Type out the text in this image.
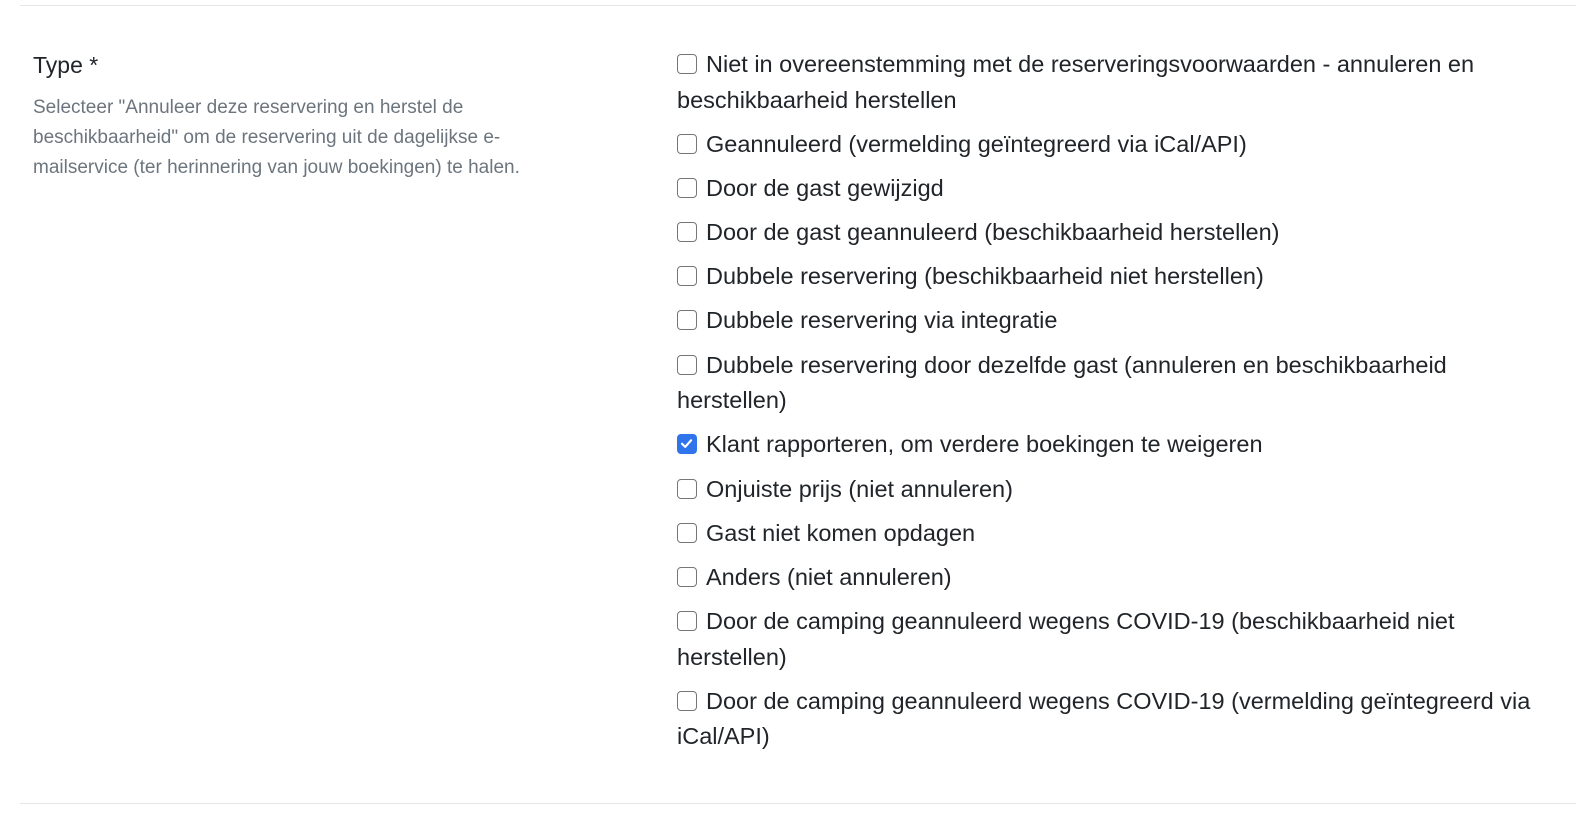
Type *
Selecteer "Annuleer deze reservering en herstel de beschikbaarheid" om de reservering uit de dagelijkse e-mailservice (ter herinnering van jouw boekingen) te halen.
Niet in overeenstemming met de reserveringsvoorwaarden - annuleren en beschikbaarheid herstellen
Geannuleerd (vermelding geïntegreerd via iCal/API)
Door de gast gewijzigd
Door de gast geannuleerd (beschikbaarheid herstellen)
Dubbele reservering (beschikbaarheid niet herstellen)
Dubbele reservering via integratie
Dubbele reservering door dezelfde gast (annuleren en beschikbaarheid herstellen)
Klant rapporteren, om verdere boekingen te weigeren
Onjuiste prijs (niet annuleren)
Gast niet komen opdagen
Anders (niet annuleren)
Door de camping geannuleerd wegens COVID-19 (beschikbaarheid niet herstellen)
Door de camping geannuleerd wegens COVID-19 (vermelding geïntegreerd via iCal/API)
